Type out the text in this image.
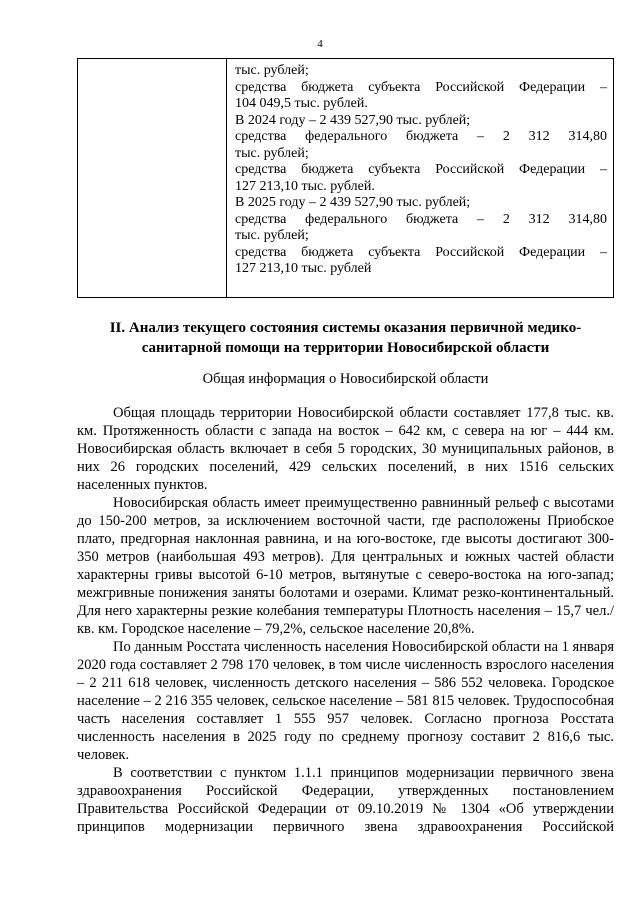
4
тыс. рублей;
средства бюджета субъекта Российской Федерации –
104 049,5 тыс. рублей.
В 2024 году – 2 439 527,90 тыс. рублей;
средства федерального бюджета – 2 312 314,80
тыс. рублей;
средства бюджета субъекта Российской Федерации –
127 213,10 тыс. рублей.
В 2025 году – 2 439 527,90 тыс. рублей;
средства федерального бюджета – 2 312 314,80
тыс. рублей;
средства бюджета субъекта Российской Федерации –
127 213,10 тыс. рублей
II. Анализ текущего состояния системы оказания первичной медико-санитарной помощи на территории Новосибирской области
Общая информация о Новосибирской области

Общая площадь территории Новосибирской области составляет 177,8 тыс. кв. км. Протяженность области с запада на восток – 642 км, с севера на юг – 444 км. Новосибирская область включает в себя 5 городских, 30 муниципальных районов, в них 26 городских поселений, 429 сельских поселений, в них 1516 сельских населенных пунктов.

Новосибирская область имеет преимущественно равнинный рельеф с высотами до 150-200 метров, за исключением восточной части, где расположены Приобское плато, предгорная наклонная равнина, и на юго-востоке, где высоты достигают 300-350 метров (наибольшая 493 метров). Для центральных и южных частей области характерны гривы высотой 6-10 метров, вытянутые с северо-востока на юго-запад; межгривные понижения заняты болотами и озерами. Климат резко-континентальный. Для него характерны резкие колебания температуры Плотность населения – 15,7 чел./кв. км. Городское население – 79,2%, сельское население 20,8%.

По данным Росстата численность населения Новосибирской области на 1 января 2020 года составляет 2 798 170 человек, в том числе численность взрослого населения – 2 211 618 человек, численность детского населения – 586 552 человека. Городское население – 2 216 355 человек, сельское население – 581 815 человек. Трудоспособная часть населения составляет 1 555 957 человек. Согласно прогноза Росстата численность населения в 2025 году по среднему прогнозу составит 2 816,6 тыс. человек.

В соответствии с пунктом 1.1.1 принципов модернизации первичного звена здравоохранения Российской Федерации, утвержденных постановлением Правительства Российской Федерации от 09.10.2019 № 1304 «Об утверждении принципов модернизации первичного звена здравоохранения Российской
